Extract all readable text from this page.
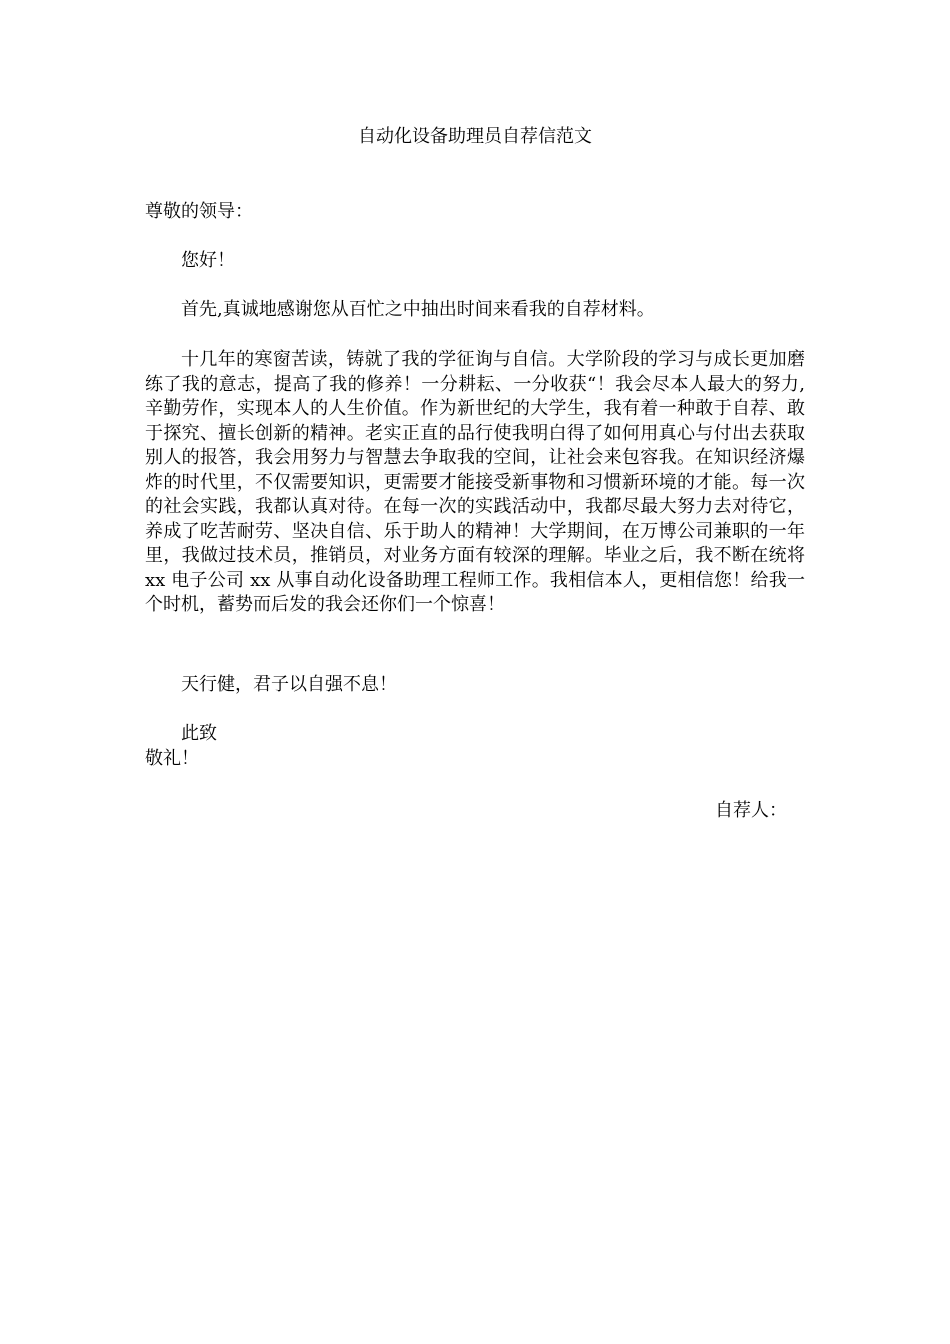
自动化设备助理员自荐信范文

尊敬的领导：

您好！

首先,真诚地感谢您从百忙之中抽出时间来看我的自荐材料。

十几年的寒窗苦读，铸就了我的学征询与自信。大学阶段的学习与成长更加磨练了我的意志，提高了我的修养！一分耕耘、一分收获“！我会尽本人最大的努力,辛勤劳作，实现本人的人生价值。作为新世纪的大学生，我有着一种敢于自荐、敢于探究、擅长创新的精神。老实正直的品行使我明白得了如何用真心与付出去获取别人的报答，我会用努力与智慧去争取我的空间，让社会来包容我。在知识经济爆炸的时代里，不仅需要知识，更需要才能接受新事物和习惯新环境的才能。每一次的社会实践，我都认真对待。在每一次的实践活动中，我都尽最大努力去对待它，养成了吃苦耐劳、坚决自信、乐于助人的精神！大学期间，在万博公司兼职的一年里，我做过技术员，推销员，对业务方面有较深的理解。毕业之后，我不断在统将 xx 电子公司 xx 从事自动化设备助理工程师工作。我相信本人，更相信您！给我一个时机，蓄势而后发的我会还你们一个惊喜！

天行健，君子以自强不息！

此致

敬礼！

自荐人：
